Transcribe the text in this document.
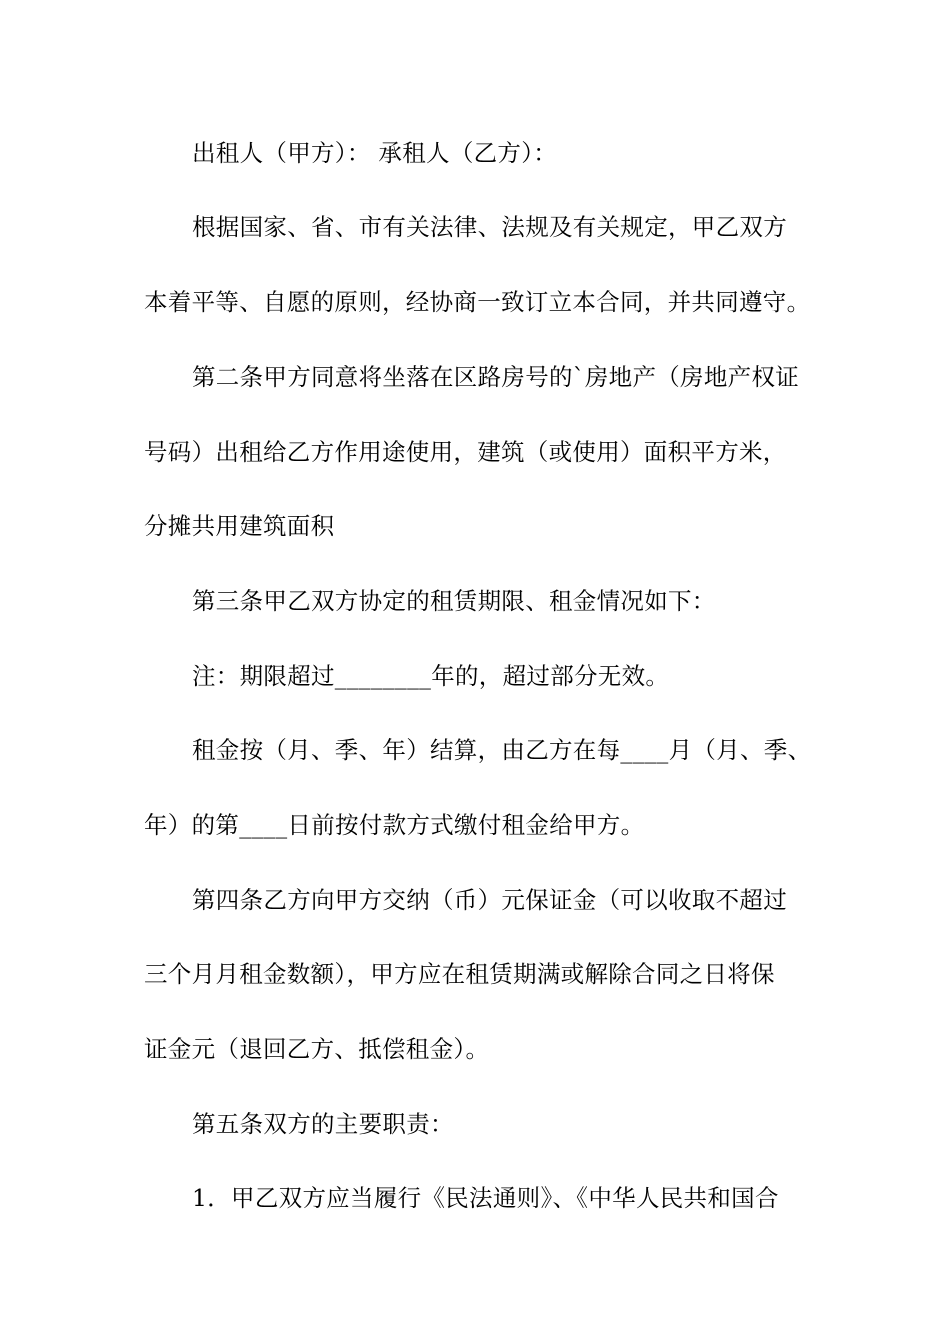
出租人（甲方）： 承租人（乙方）：
根据国家、省、市有关法律、法规及有关规定，甲乙双方
本着平等、自愿的原则，经协商一致订立本合同，并共同遵守。
第二条甲方同意将坐落在区路房号的`房地产（房地产权证
号码）出租给乙方作用途使用，建筑（或使用）面积平方米，
分摊共用建筑面积
第三条甲乙双方协定的租赁期限、租金情况如下：
注：期限超过________年的，超过部分无效。
租金按（月、季、年）结算，由乙方在每____月（月、季、
年）的第____日前按付款方式缴付租金给甲方。
第四条乙方向甲方交纳（币）元保证金（可以收取不超过
三个月月租金数额），甲方应在租赁期满或解除合同之日将保
证金元（退回乙方、抵偿租金）。
第五条双方的主要职责：
1．甲乙双方应当履行《民法通则》、《中华人民共和国合
